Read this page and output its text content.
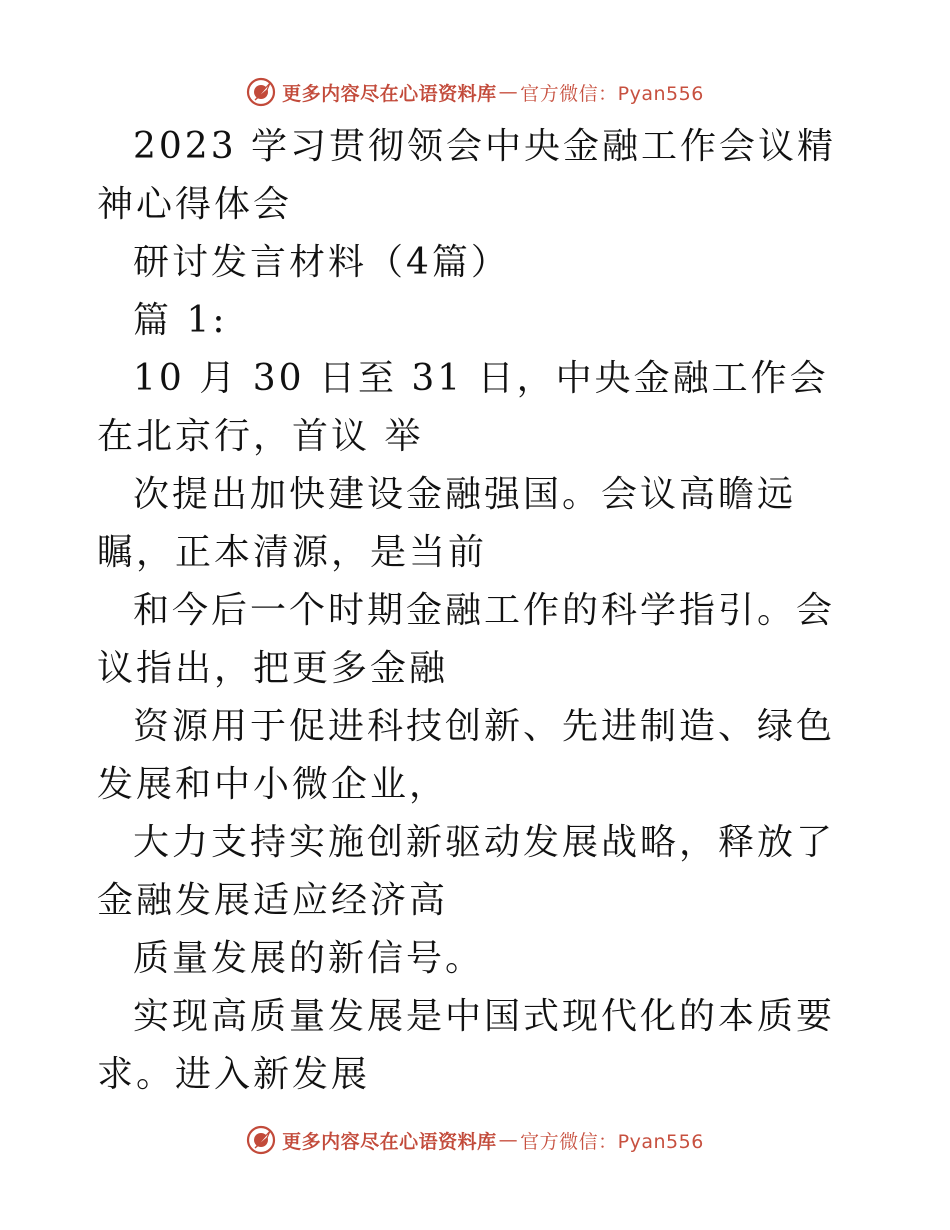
更多内容尽在心语资料库 — 官方微信：Pyan556

2023 学习贯彻领会中央金融工作会议精神心得体会

研讨发言材料（4篇）

篇 1:

10 月 30 日至 31 日，中央金融工作会 在北京行，首议 举

次提出加快建设金融强国。会议高瞻远瞩，正本清源，是当前

和今后一个时期金融工作的科学指引。会议指出，把更多金融

资源用于促进科技创新、先进制造、绿色发展和中小微企业，

大力支持实施创新驱动发展战略，释放了金融发展适应经济高

质量发展的新信号。

实现高质量发展是中国式现代化的本质要求。进入新发展

更多内容尽在心语资料库 — 官方微信：Pyan556
